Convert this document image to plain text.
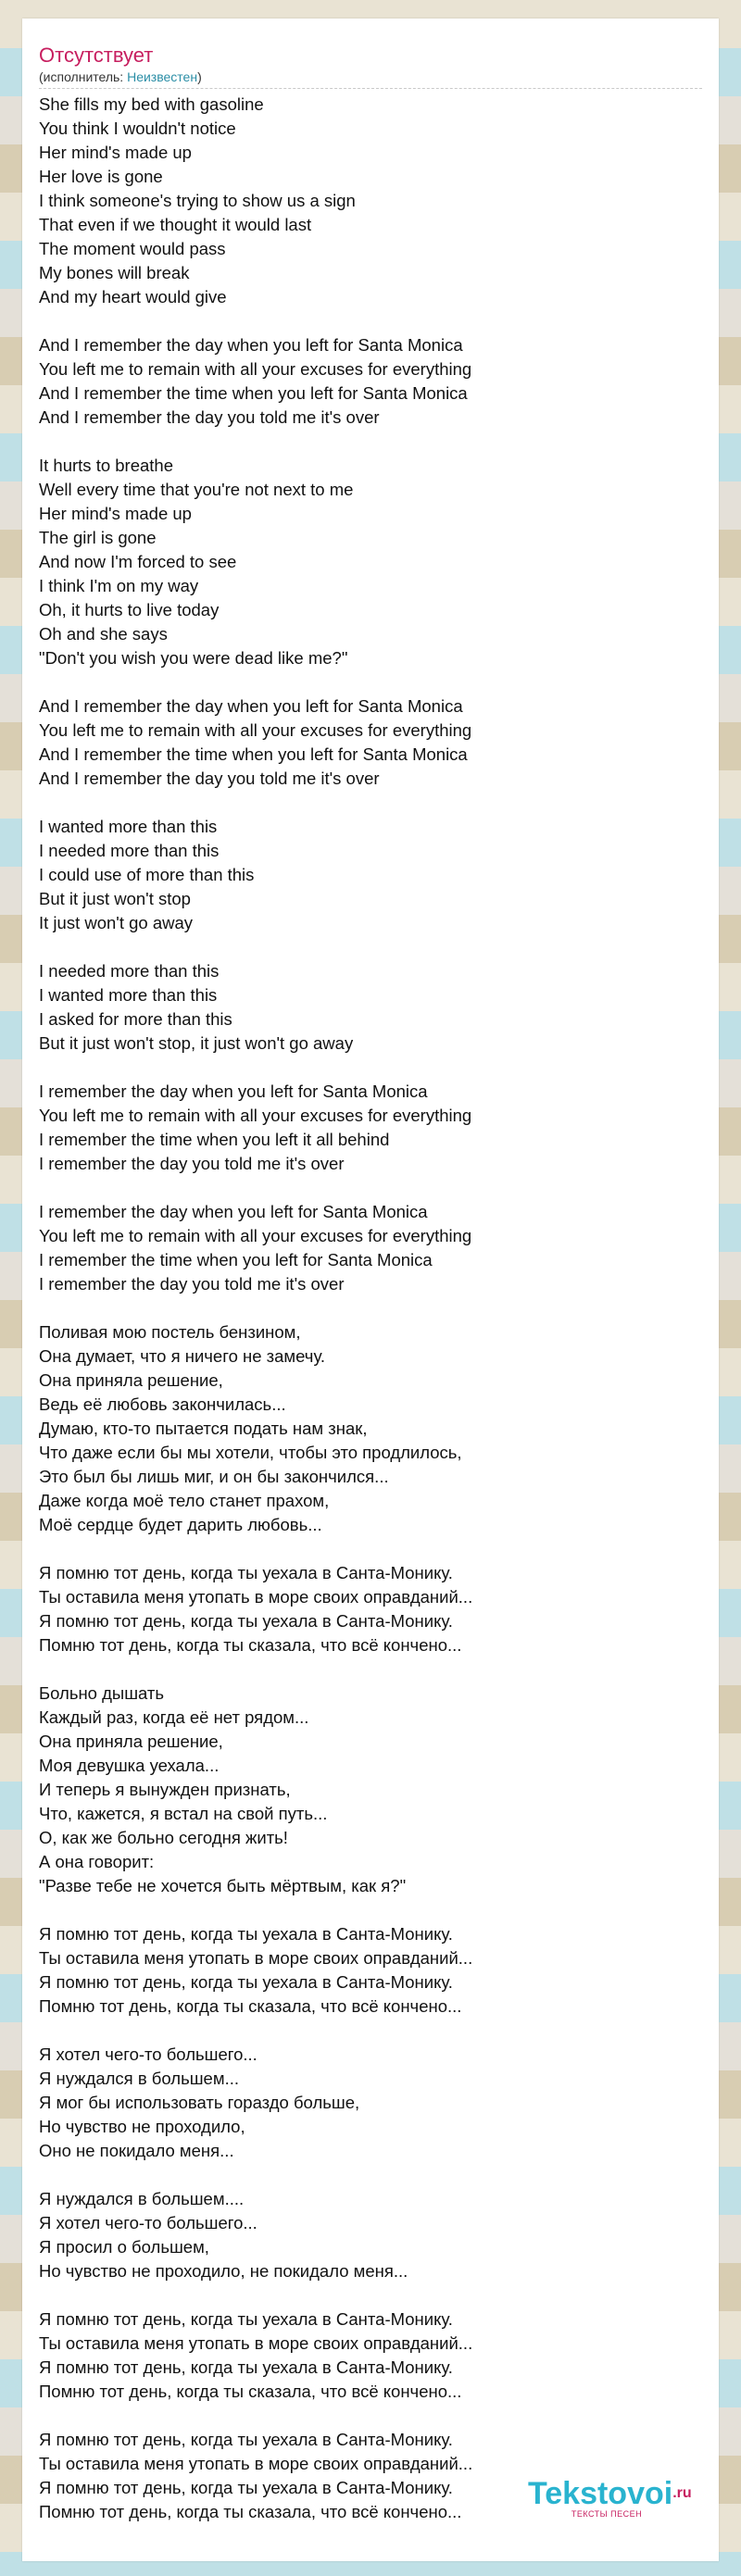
Отсутствует
(исполнитель: Неизвестен)
She fills my bed with gasoline
You think I wouldn't notice
Her mind's made up
Her love is gone
I think someone's trying to show us a sign
That even if we thought it would last
The moment would pass
My bones will break
And my heart would give
And I remember the day when you left for Santa Monica
You left me to remain with all your excuses for everything
And I remember the time when you left for Santa Monica
And I remember the day you told me it's over
It hurts to breathe
Well every time that you're not next to me
Her mind's made up
The girl is gone
And now I'm forced to see
I think I'm on my way
Oh, it hurts to live today
Oh and she says
"Don't you wish you were dead like me?"
And I remember the day when you left for Santa Monica
You left me to remain with all your excuses for everything
And I remember the time when you left for Santa Monica
And I remember the day you told me it's over
I wanted more than this
I needed more than this
I could use of more than this
But it just won't stop
It just won't go away
I needed more than this
I wanted more than this
I asked for more than this
But it just won't stop, it just won't go away
I remember the day when you left for Santa Monica
You left me to remain with all your excuses for everything
I remember the time when you left it all behind
I remember the day you told me it's over
I remember the day when you left for Santa Monica
You left me to remain with all your excuses for everything
I remember the time when you left for Santa Monica
I remember the day you told me it's over
Поливая мою постель бензином,
Она думает, что я ничего не замечу.
Она приняла решение,
Ведь её любовь закончилась...
Думаю, кто-то пытается подать нам знак,
Что даже если бы мы хотели, чтобы это продлилось,
Это был бы лишь миг, и он бы закончился...
Даже когда моё тело станет прахом,
Моё сердце будет дарить любовь...
Я помню тот день, когда ты уехала в Санта-Монику.
Ты оставила меня утопать в море своих оправданий...
Я помню тот день, когда ты уехала в Санта-Монику.
Помню тот день, когда ты сказала, что всё кончено...
Больно дышать
Каждый раз, когда её нет рядом...
Она приняла решение,
Моя девушка уехала...
И теперь я вынужден признать,
Что, кажется, я встал на свой путь...
О, как же больно сегодня жить!
А она говорит:
"Разве тебе не хочется быть мёртвым, как я?"
Я помню тот день, когда ты уехала в Санта-Монику.
Ты оставила меня утопать в море своих оправданий...
Я помню тот день, когда ты уехала в Санта-Монику.
Помню тот день, когда ты сказала, что всё кончено...
Я хотел чего-то большего...
Я нуждался в большем...
Я мог бы использовать гораздо больше,
Но чувство не проходило,
Оно не покидало меня...
Я нуждался в большем....
Я хотел чего-то большего...
Я просил о большем,
Но чувство не проходило, не покидало меня...
Я помню тот день, когда ты уехала в Санта-Монику.
Ты оставила меня утопать в море своих оправданий...
Я помню тот день, когда ты уехала в Санта-Монику.
Помню тот день, когда ты сказала, что всё кончено...
Я помню тот день, когда ты уехала в Санта-Монику.
Ты оставила меня утопать в море своих оправданий...
Я помню тот день, когда ты уехала в Санта-Монику.
Помню тот день, когда ты сказала, что всё кончено...
Tekstovoi$^{.ru}$
ТЕКСТЫ ПЕСЕН
